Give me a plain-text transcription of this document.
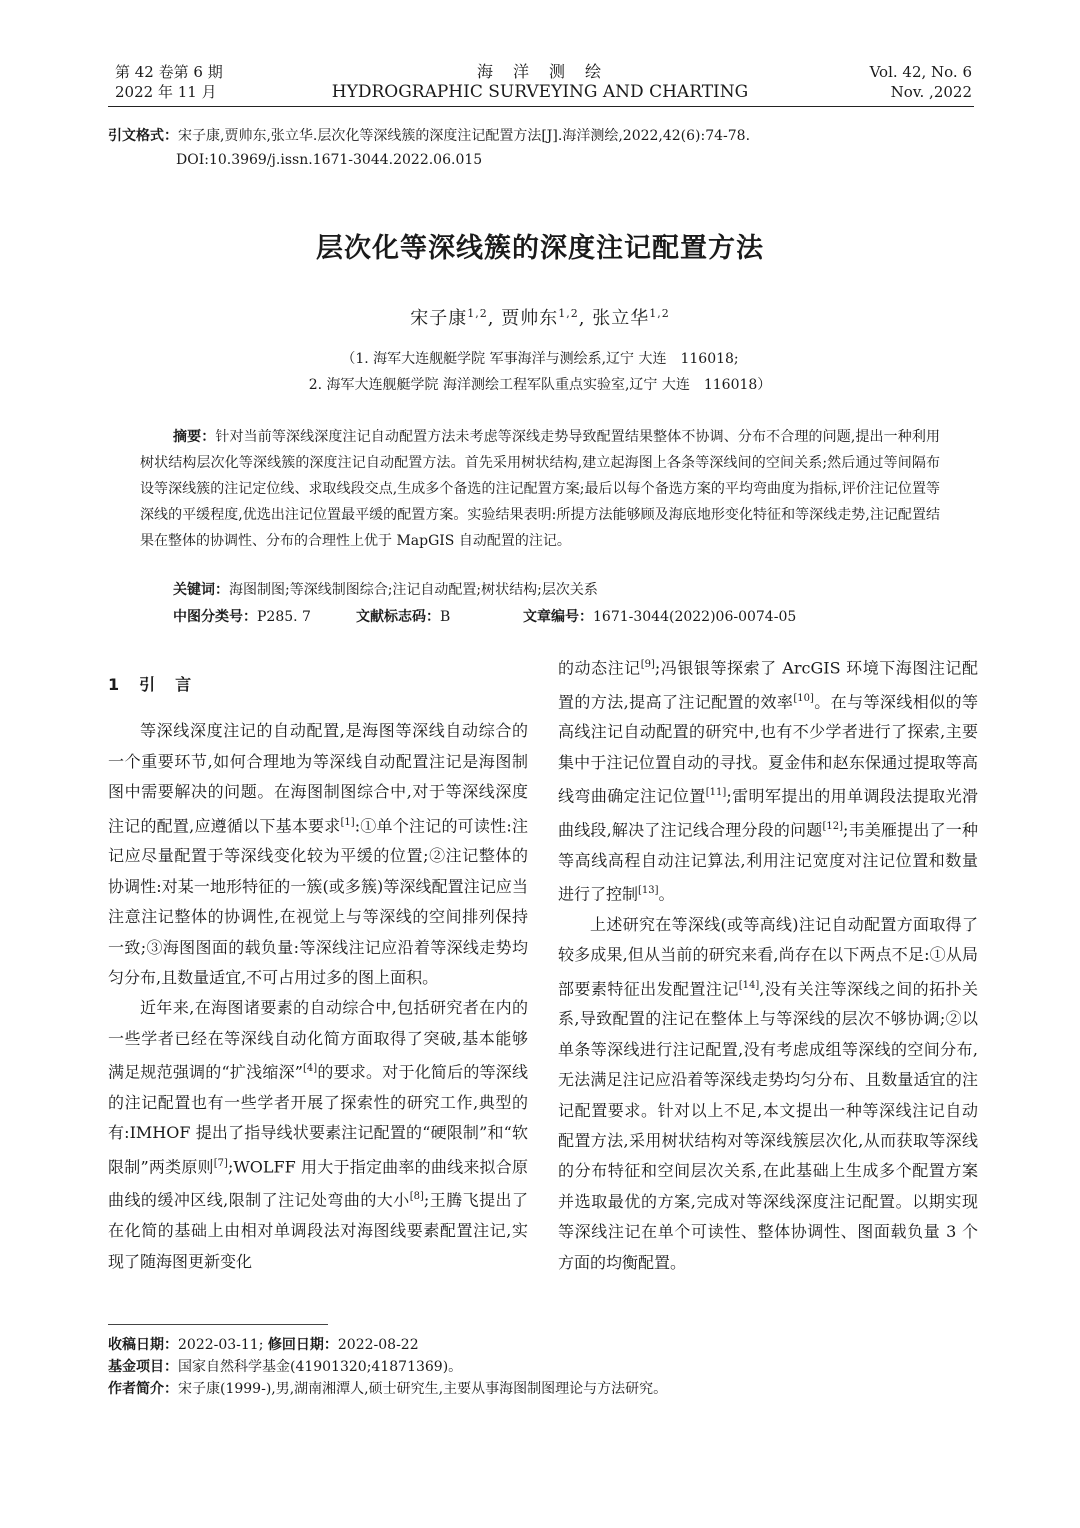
第 42 卷第 6 期
2022 年 11 月
海　洋　测　绘
HYDROGRAPHIC SURVEYING AND CHARTING
Vol. 42, No. 6
Nov. ,2022
引文格式：宋子康,贾帅东,张立华.层次化等深线簇的深度注记配置方法[J].海洋测绘,2022,42(6):74-78.
DOI:10.3969/j.issn.1671-3044.2022.06.015
层次化等深线簇的深度注记配置方法
宋子康$^{1,2}$, 贾帅东$^{1,2}$, 张立华$^{1,2}$
（1. 海军大连舰艇学院 军事海洋与测绘系,辽宁 大连　116018;
2. 海军大连舰艇学院 海洋测绘工程军队重点实验室,辽宁 大连　116018）
摘要：针对当前等深线深度注记自动配置方法未考虑等深线走势导致配置结果整体不协调、分布不合理的问题,提出一种利用树状结构层次化等深线簇的深度注记自动配置方法。首先采用树状结构,建立起海图上各条等深线间的空间关系;然后通过等间隔布设等深线簇的注记定位线、求取线段交点,生成多个备选的注记配置方案;最后以每个备选方案的平均弯曲度为指标,评价注记位置等深线的平缓程度,优选出注记位置最平缓的配置方案。实验结果表明:所提方法能够顾及海底地形变化特征和等深线走势,注记配置结果在整体的协调性、分布的合理性上优于 MapGIS 自动配置的注记。
关键词：海图制图;等深线制图综合;注记自动配置;树状结构;层次关系
中图分类号：P285. 7	文献标志码：B	文章编号：1671-3044(2022)06-0074-05
1　引　言

等深线深度注记的自动配置,是海图等深线自动综合的一个重要环节,如何合理地为等深线自动配置注记是海图制图中需要解决的问题。在海图制图综合中,对于等深线深度注记的配置,应遵循以下基本要求[1]:①单个注记的可读性:注记应尽量配置于等深线变化较为平缓的位置;②注记整体的协调性:对某一地形特征的一簇(或多簇)等深线配置注记应当注意注记整体的协调性,在视觉上与等深线的空间排列保持一致;③海图图面的载负量:等深线注记应沿着等深线走势均匀分布,且数量适宜,不可占用过多的图上面积。

近年来,在海图诸要素的自动综合中,包括研究者在内的一些学者已经在等深线自动化简方面取得了突破,基本能够满足规范强调的“扩浅缩深”[4]的要求。对于化简后的等深线的注记配置也有一些学者开展了探索性的研究工作,典型的有:IMHOF 提出了指导线状要素注记配置的“硬限制”和“软限制”两类原则[7];WOLFF 用大于指定曲率的曲线来拟合原曲线的缓冲区线,限制了注记处弯曲的大小[8];王腾飞提出了在化简的基础上由相对单调段法对海图线要素配置注记,实现了随海图更新变化

的动态注记[9];冯银银等探索了 ArcGIS 环境下海图注记配置的方法,提高了注记配置的效率[10]。在与等深线相似的等高线注记自动配置的研究中,也有不少学者进行了探索,主要集中于注记位置自动的寻找。夏金伟和赵东保通过提取等高线弯曲确定注记位置[11];雷明军提出的用单调段法提取光滑曲线段,解决了注记线合理分段的问题[12];韦美雁提出了一种等高线高程自动注记算法,利用注记宽度对注记位置和数量进行了控制[13]。

上述研究在等深线(或等高线)注记自动配置方面取得了较多成果,但从当前的研究来看,尚存在以下两点不足:①从局部要素特征出发配置注记[14],没有关注等深线之间的拓扑关系,导致配置的注记在整体上与等深线的层次不够协调;②以单条等深线进行注记配置,没有考虑成组等深线的空间分布,无法满足注记应沿着等深线走势均匀分布、且数量适宜的注记配置要求。针对以上不足,本文提出一种等深线注记自动配置方法,采用树状结构对等深线簇层次化,从而获取等深线的分布特征和空间层次关系,在此基础上生成多个配置方案并选取最优的方案,完成对等深线深度注记配置。以期实现等深线注记在单个可读性、整体协调性、图面载负量 3 个方面的均衡配置。

收稿日期：2022-03-11; 修回日期：2022-08-22
基金项目：国家自然科学基金(41901320;41871369)。
作者简介：宋子康(1999-),男,湖南湘潭人,硕士研究生,主要从事海图制图理论与方法研究。
